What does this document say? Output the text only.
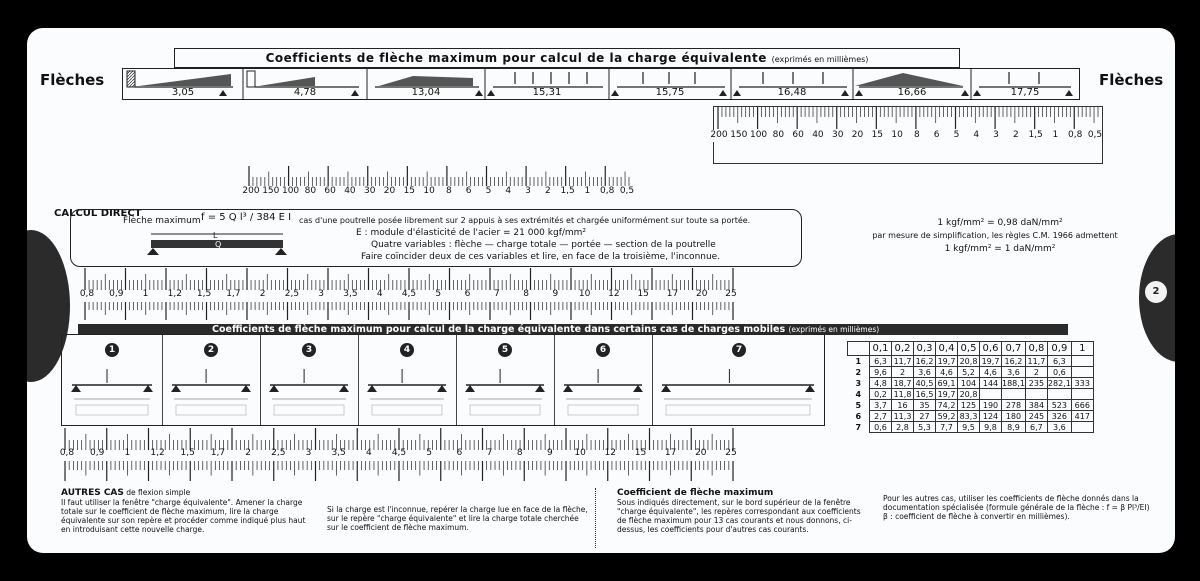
Coefficients de flèche maximum pour calcul de la charge équivalente (exprimés en millièmes)
Flèches	Flèches
3,05	4,78	13,04	15,31	15,75	16,48	16,66	17,75
200 150 100 80 60 40 30 20 15 10 8 6 5 4 3 2 1,5 1 0,8 0,5
200 150 100 80 60 40 30 20 15 10 8 6 5 4 3 2 1,5 1 0,8 0,5
CALCUL DIRECT
Flèche maximum f = 5 Q l³ / 384 E I cas d'une poutrelle posée librement sur 2 appuis à ses extrémités et chargée uniformément sur toute sa portée.
E : module d'élasticité de l'acier = 21 000 kgf/mm²
Quatre variables : flèche — charge totale — portée — section de la poutrelle
Faire coïncider deux de ces variables et lire, en face de la troisième, l'inconnue.
L
Q
1 kgf/mm² = 0,98 daN/mm²
par mesure de simplification, les règles C.M. 1966 admettent
1 kgf/mm² = 1 daN/mm²
0,8 0,9 1 1,2 1,5 1,7 2 2,5 3 3,5 4 4,5 5	6	7	8	9 10 12 15 17 20 25
Coefficients de flèche maximum pour calcul de la charge équivalente dans certains cas de charges mobiles (exprimés en millièmes)
1	2	3	4	5	6	7
		0,1	0,2	0,3	0,4	0,5	0,6	0,7	0,8	0,9	1
1	6,3	11,7	16,2	19,7	20,8	19,7	16,2	11,7	6,3	
2	9,6	2	3,6	4,6	5,2	4,6	3,6	2	0,6	
3	4,8	18,7	40,5	69,1	104	144	188,1	235	282,1	333
4	0,2	11,8	16,5	19,7	20,8					
5	3,7	16	35	74,2	125	190	278	384	523	666
6	2,7	11,3	27	59,2	83,3	124	180	245	326	417
7	0,6	2,8	5,3	7,7	9,5	9,8	8,9	6,7	3,6	
2
0,8 0,9 1 1,2 1,5 1,7 2 2,5 3 3,5 4 4,5 5	6	7	8	9 10 12 15 17 20 25
AUTRES CAS de flexion simple
Il faut utiliser la fenêtre "charge équivalente". Amener la charge totale sur le coefficient de flèche maximum, lire la charge équivalente sur son repère et procéder comme indiqué plus haut en introduisant cette nouvelle charge.
Si la charge est l'inconnue, repérer la charge lue en face de la flèche, sur le repère "charge équivalente" et lire la charge totale cherchée sur le coefficient de flèche maximum.
Coefficient de flèche maximum
Sous indiqués directement, sur le bord supérieur de la fenêtre "charge équivalente", les repères correspondant aux coefficients de flèche maximum pour 13 cas courants et nous donnons, ci-dessus, les coefficients pour d'autres cas courants.
Pour les autres cas, utiliser les coefficients de flèche donnés dans la documentation spécialisée (formule générale de la flèche : f = β Pl³/EI) β : coefficient de flèche à convertir en millièmes).
